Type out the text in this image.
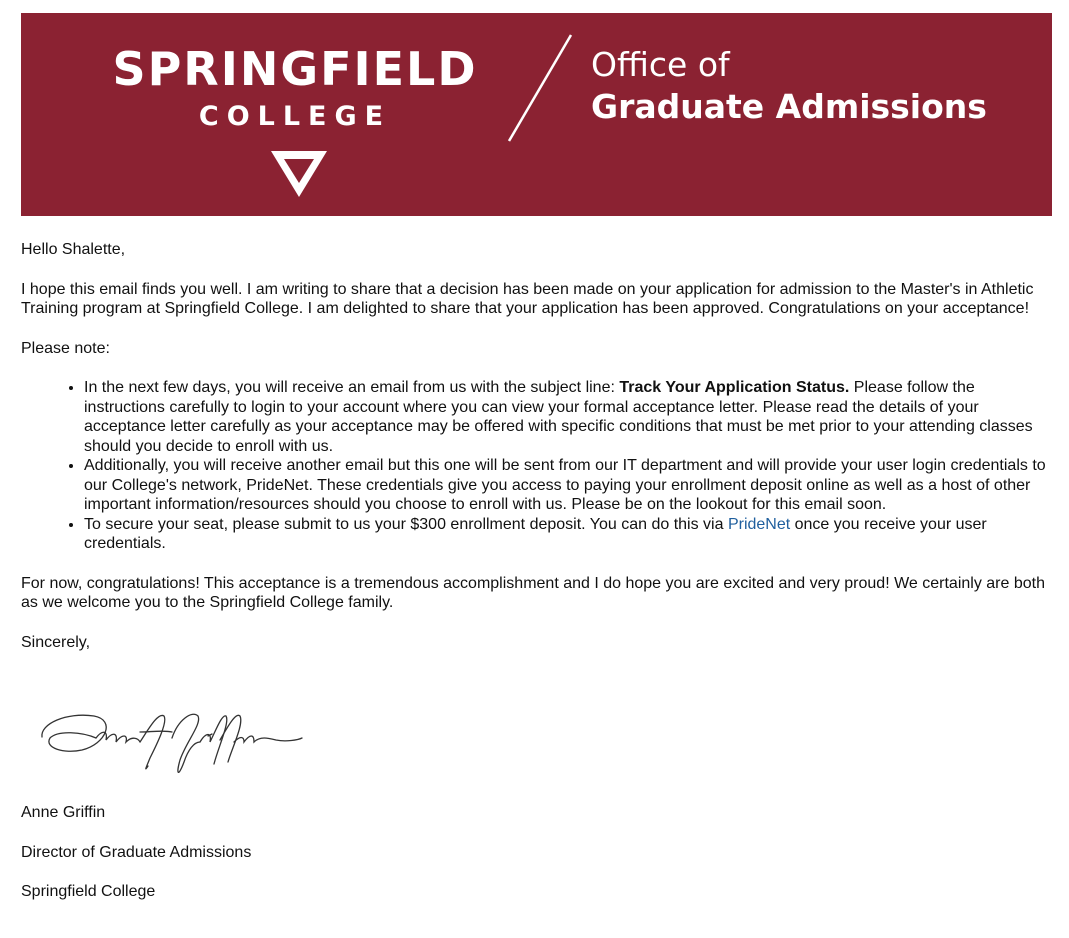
SPRINGFIELD
COLLEGE
Office of
Graduate Admissions

Hello Shalette,

I hope this email finds you well. I am writing to share that a decision has been made on your application for admission to the Master's in Athletic Training program at Springfield College. I am delighted to share that your application has been approved. Congratulations on your acceptance!

Please note:

• In the next few days, you will receive an email from us with the subject line: Track Your Application Status. Please follow the instructions carefully to login to your account where you can view your formal acceptance letter. Please read the details of your acceptance letter carefully as your acceptance may be offered with specific conditions that must be met prior to your attending classes should you decide to enroll with us.
• Additionally, you will receive another email but this one will be sent from our IT department and will provide your user login credentials to our College's network, PrideNet. These credentials give you access to paying your enrollment deposit online as well as a host of other important information/resources should you choose to enroll with us. Please be on the lookout for this email soon.
• To secure your seat, please submit to us your $300 enrollment deposit. You can do this via PrideNet once you receive your user credentials.

For now, congratulations! This acceptance is a tremendous accomplishment and I do hope you are excited and very proud! We certainly are both as we welcome you to the Springfield College family.

Sincerely,

Anne Griffin

Director of Graduate Admissions

Springfield College
